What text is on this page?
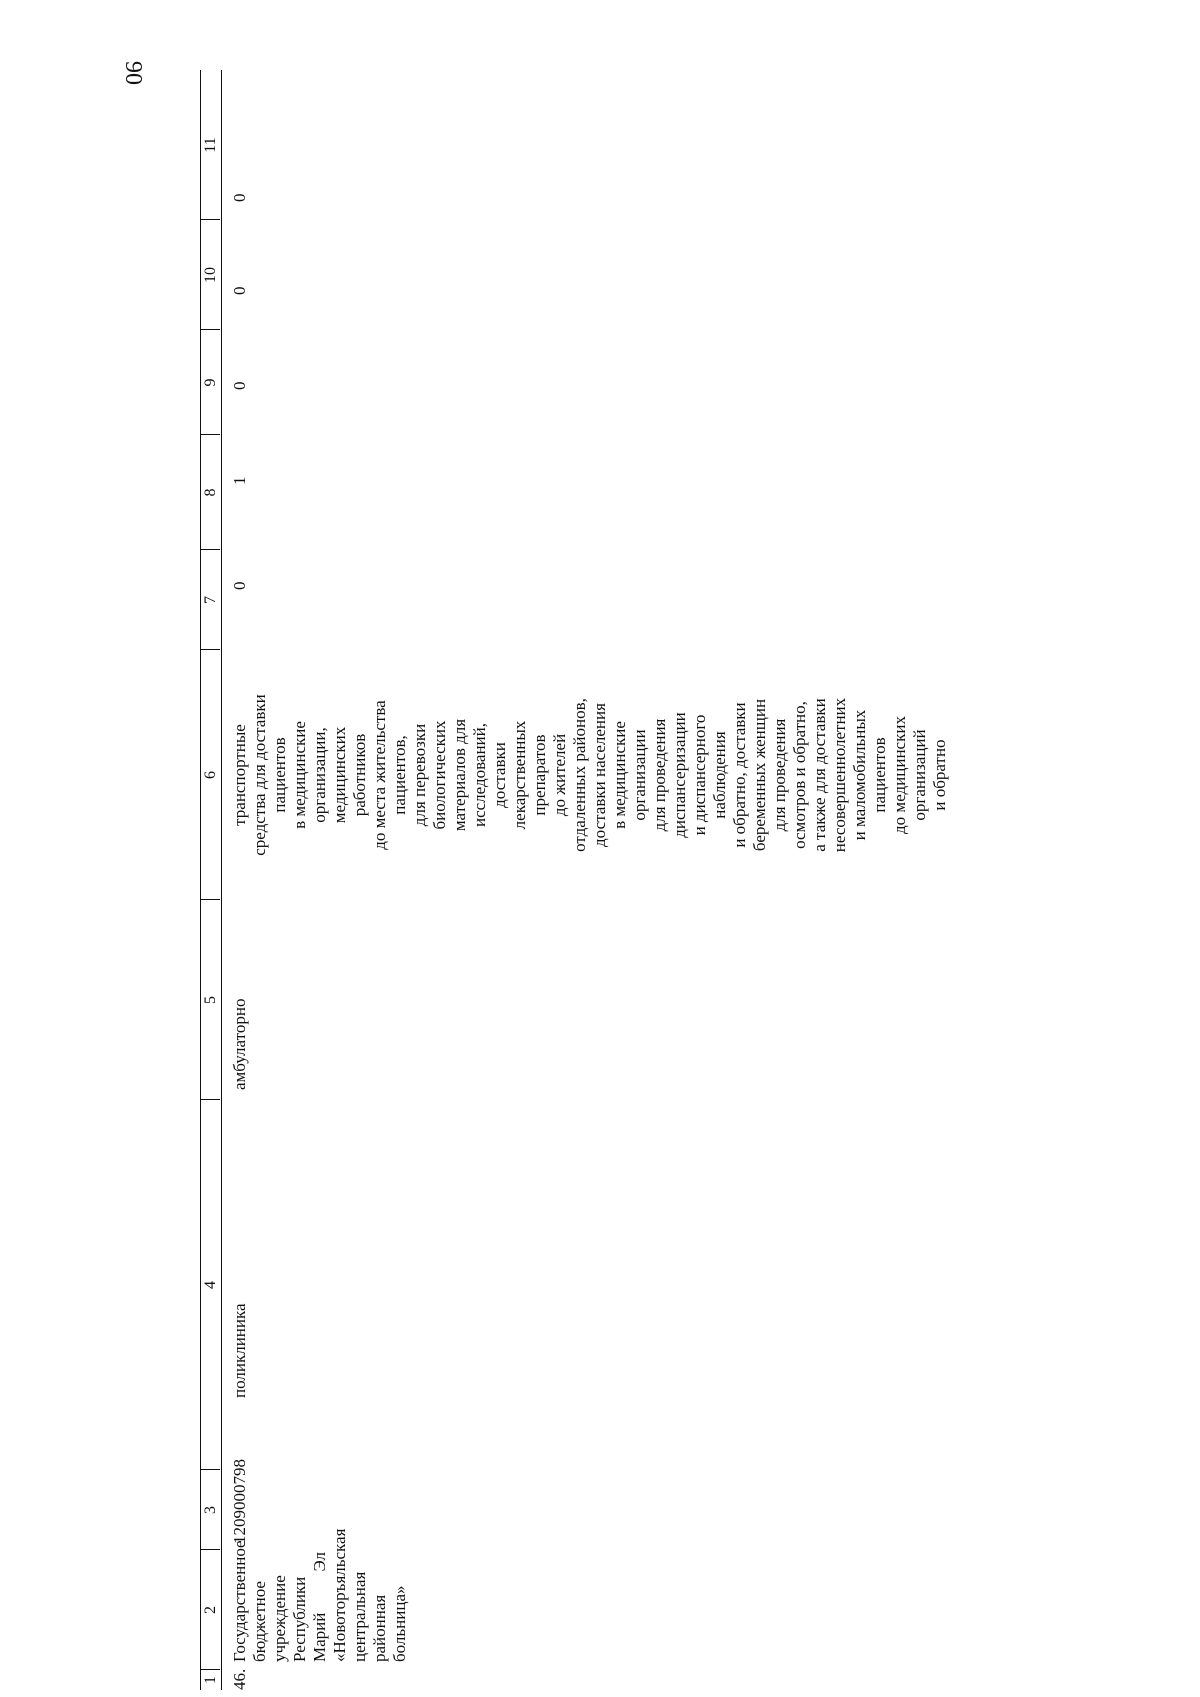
90
1
2
3
4
5
6
7
8
9
10
11
46.
Государственное бюджетное учреждение Республики Марий Эл «Новоторъяльская центральная районная больница»
1209000798
поликлиника
амбулаторно
транспортные средства для доставки пациентов в медицинские организации, медицинских работников до места жительства пациентов, для перевозки биологических материалов для исследований, доставки лекарственных препаратов до жителей отдаленных районов, доставки населения в медицинские организации для проведения диспансеризации и диспансерного наблюдения и обратно, доставки беременных женщин для проведения осмотров и обратно, а также для доставки несовершеннолетних и маломобильных пациентов до медицинских организаций и обратно
0
1
0
0
0
